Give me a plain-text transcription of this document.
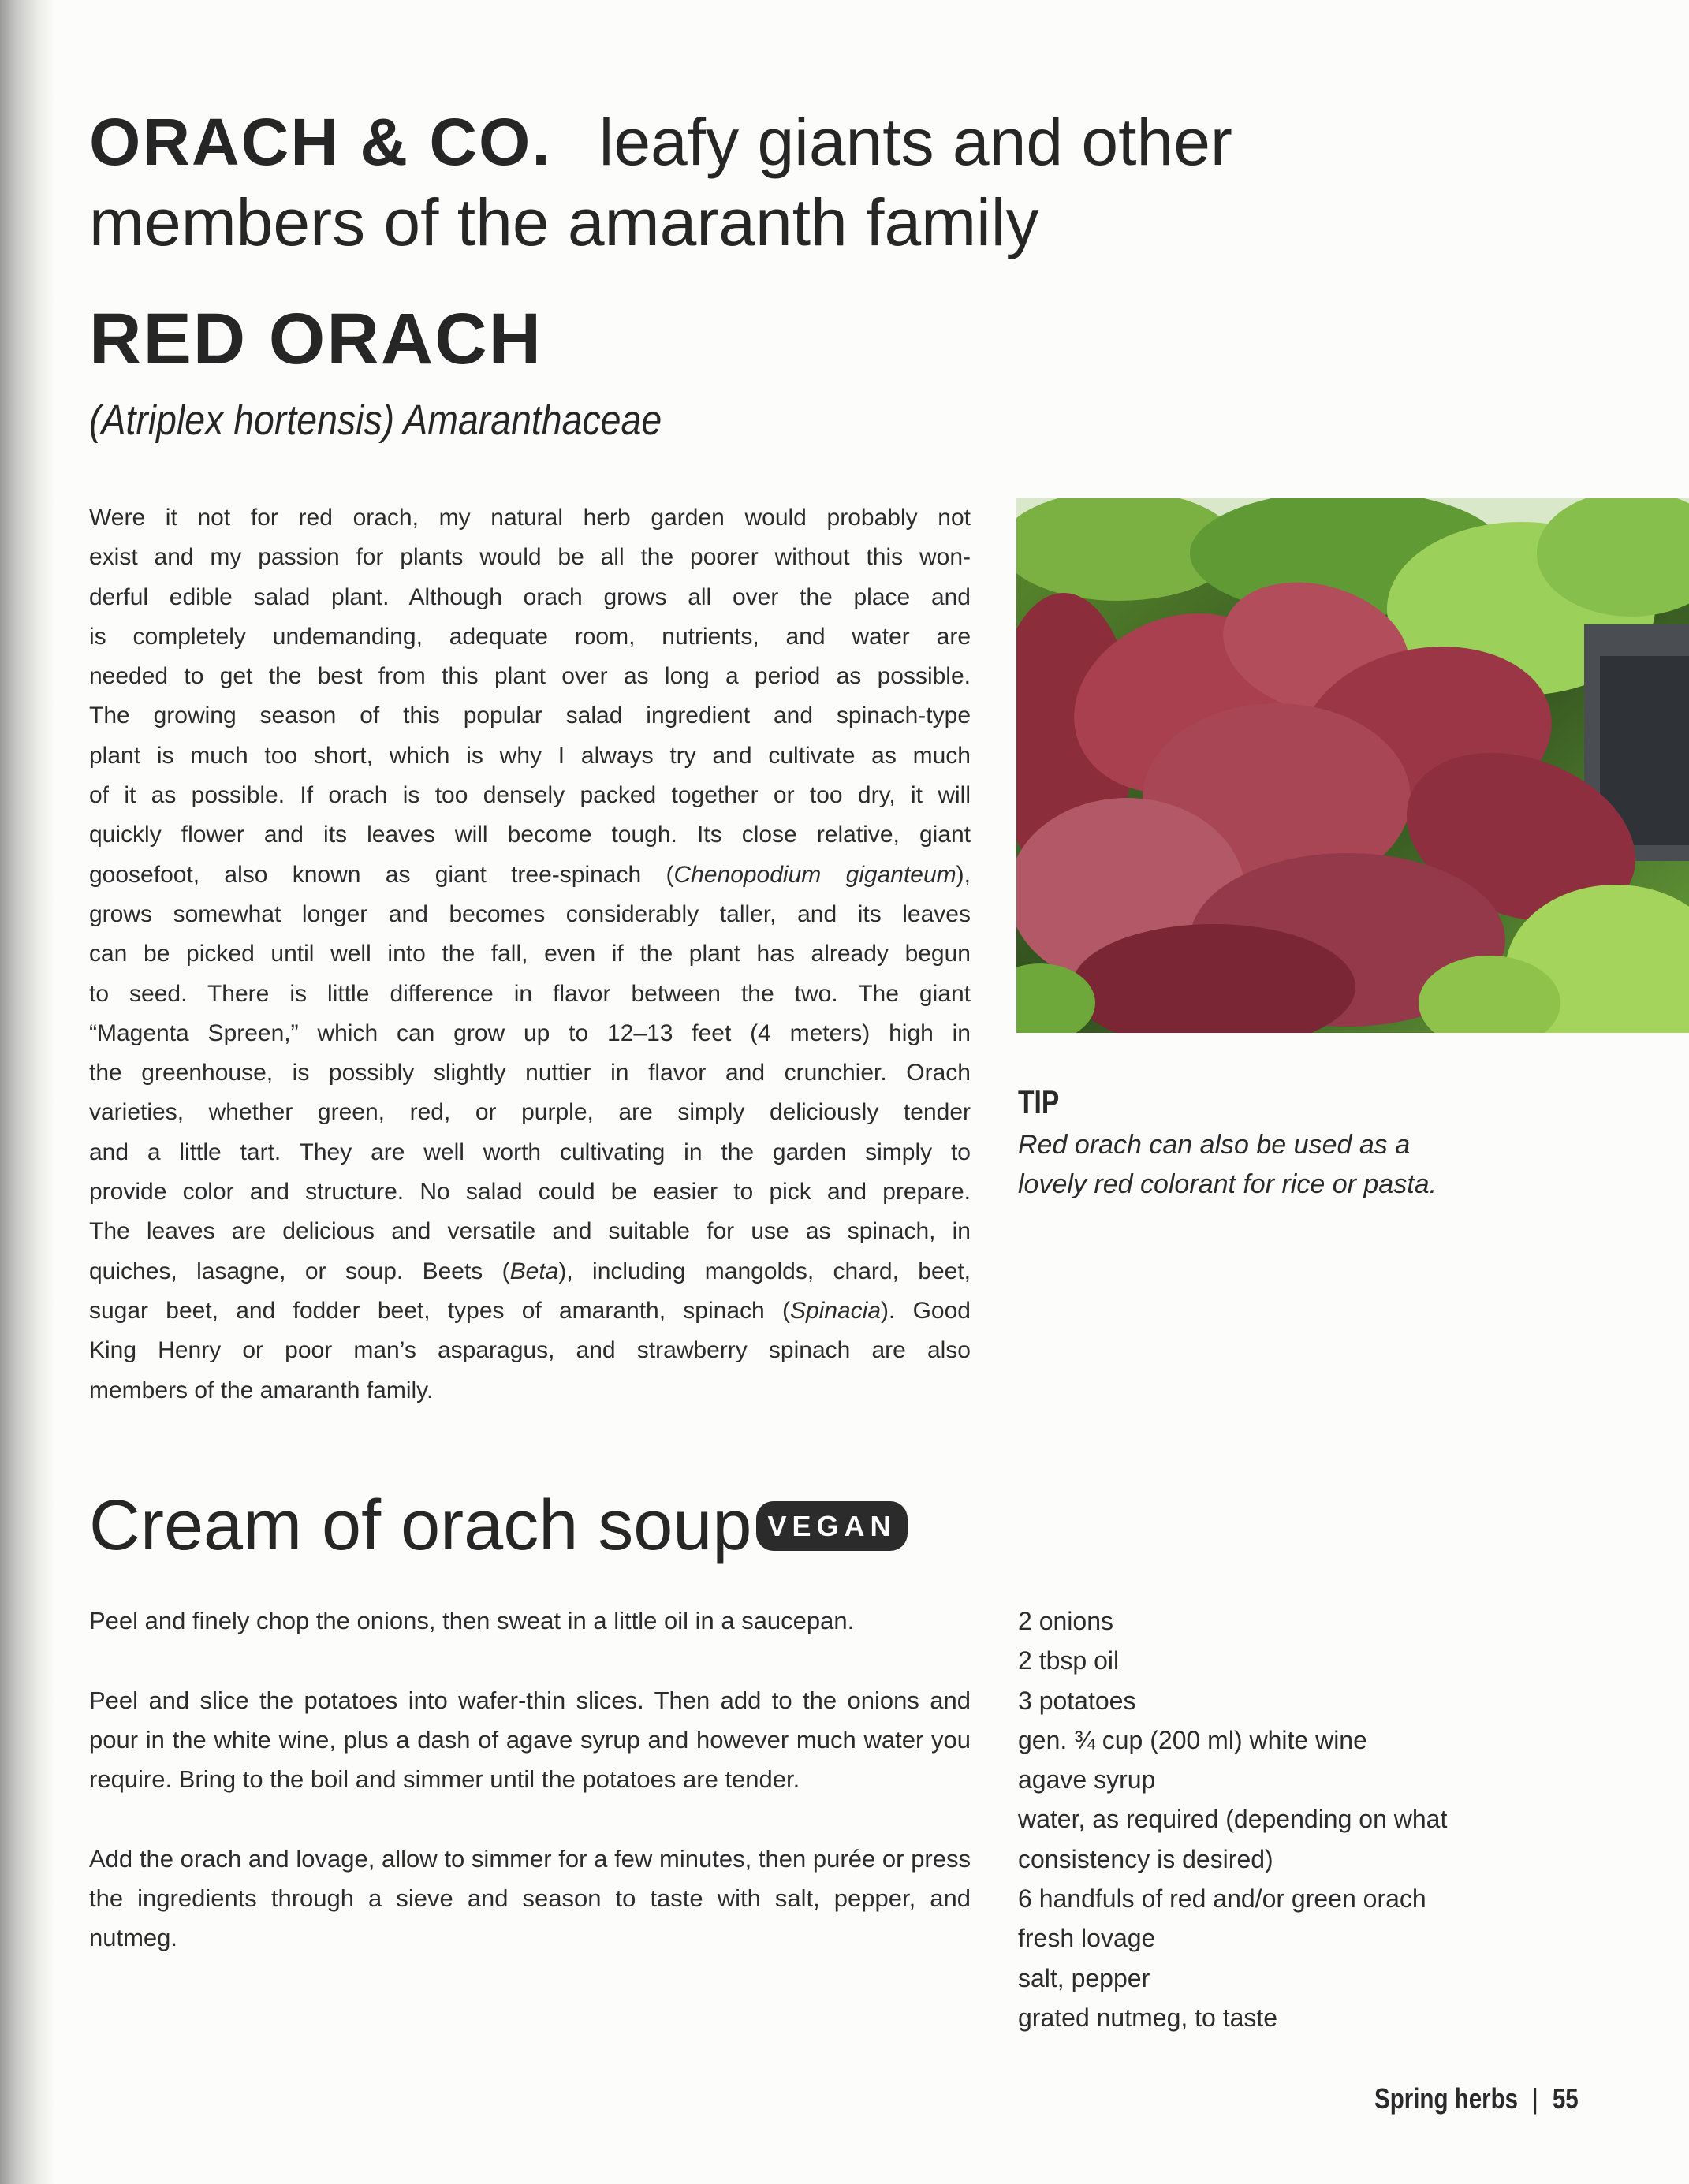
ORACH & CO. leafy giants and other
members of the amaranth family
RED ORACH
(Atriplex hortensis) Amaranthaceae
Were it not for red orach, my natural herb garden would probably not
exist and my passion for plants would be all the poorer without this won-
derful edible salad plant. Although orach grows all over the place and
is completely undemanding, adequate room, nutrients, and water are
needed to get the best from this plant over as long a period as possible.
The growing season of this popular salad ingredient and spinach-type
plant is much too short, which is why I always try and cultivate as much
of it as possible. If orach is too densely packed together or too dry, it will
quickly flower and its leaves will become tough. Its close relative, giant
goosefoot, also known as giant tree-spinach (Chenopodium giganteum),
grows somewhat longer and becomes considerably taller, and its leaves
can be picked until well into the fall, even if the plant has already begun
to seed. There is little difference in flavor between the two. The giant
“Magenta Spreen,” which can grow up to 12–13 feet (4 meters) high in
the greenhouse, is possibly slightly nuttier in flavor and crunchier. Orach
varieties, whether green, red, or purple, are simply deliciously tender
and a little tart. They are well worth cultivating in the garden simply to
provide color and structure. No salad could be easier to pick and prepare.
The leaves are delicious and versatile and suitable for use as spinach, in
quiches, lasagne, or soup. Beets (Beta), including mangolds, chard, beet,
sugar beet, and fodder beet, types of amaranth, spinach (Spinacia). Good
King Henry or poor man’s asparagus, and strawberry spinach are also
members of the amaranth family.
TIP
Red orach can also be used as a
lovely red colorant for rice or pasta.
Cream of orach soup VEGAN
Peel and finely chop the onions, then sweat in a little oil in a saucepan.
Peel and slice the potatoes into wafer-thin slices. Then add to the onions and pour in the white wine, plus a dash of agave syrup and however much water you require. Bring to the boil and simmer until the potatoes are tender.
Add the orach and lovage, allow to simmer for a few minutes, then purée or press the ingredients through a sieve and season to taste with salt, pepper, and nutmeg.
2 onions
2 tbsp oil
3 potatoes
gen. ¾ cup (200 ml) white wine
agave syrup
water, as required (depending on what
consistency is desired)
6 handfuls of red and/or green orach
fresh lovage
salt, pepper
grated nutmeg, to taste
Spring herbs | 55
